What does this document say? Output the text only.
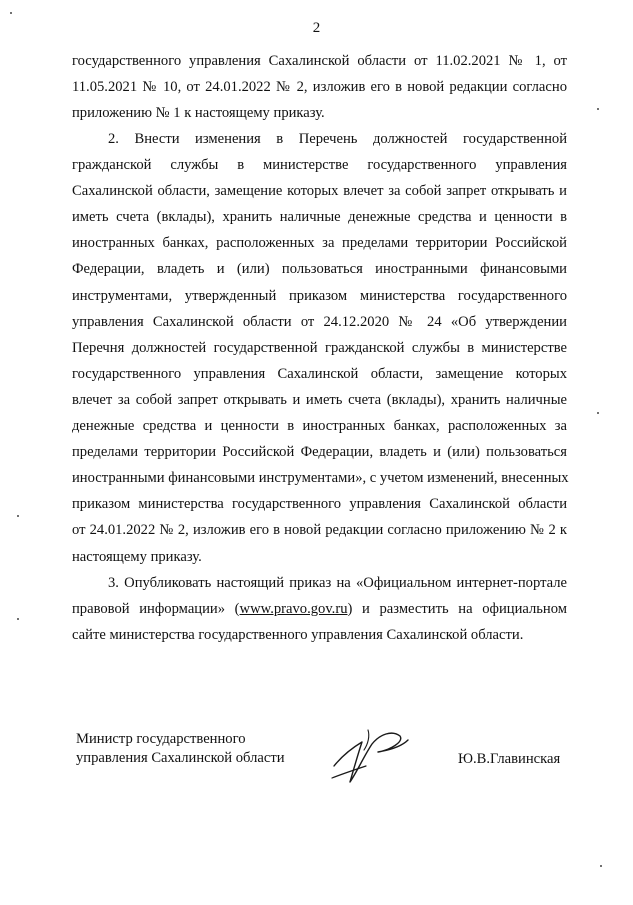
2
государственного управления Сахалинской области от 11.02.2021 № 1, от
11.05.2021 № 10, от 24.01.2022 № 2, изложив его в новой редакции согласно
приложению № 1 к настоящему приказу.
2. Внести изменения в Перечень должностей государственной
гражданской службы в министерстве государственного управления
Сахалинской области, замещение которых влечет за собой запрет открывать и
иметь счета (вклады), хранить наличные денежные средства и ценности в
иностранных банках, расположенных за пределами территории Российской
Федерации, владеть и (или) пользоваться иностранными финансовыми
инструментами, утвержденный приказом министерства государственного
управления Сахалинской области от 24.12.2020 № 24 «Об утверждении
Перечня должностей государственной гражданской службы в министерстве
государственного управления Сахалинской области, замещение которых
влечет за собой запрет открывать и иметь счета (вклады), хранить наличные
денежные средства и ценности в иностранных банках, расположенных за
пределами территории Российской Федерации, владеть и (или) пользоваться
иностранными финансовыми инструментами», с учетом изменений, внесенных
приказом министерства государственного управления Сахалинской области
от 24.01.2022 № 2, изложив его в новой редакции согласно приложению № 2 к
настоящему приказу.
3. Опубликовать настоящий приказ на «Официальном интернет-портале
правовой информации» (www.pravo.gov.ru) и разместить на официальном
сайте министерства государственного управления Сахалинской области.
Министр государственного
управления Сахалинской области	Ю.В.Главинская
